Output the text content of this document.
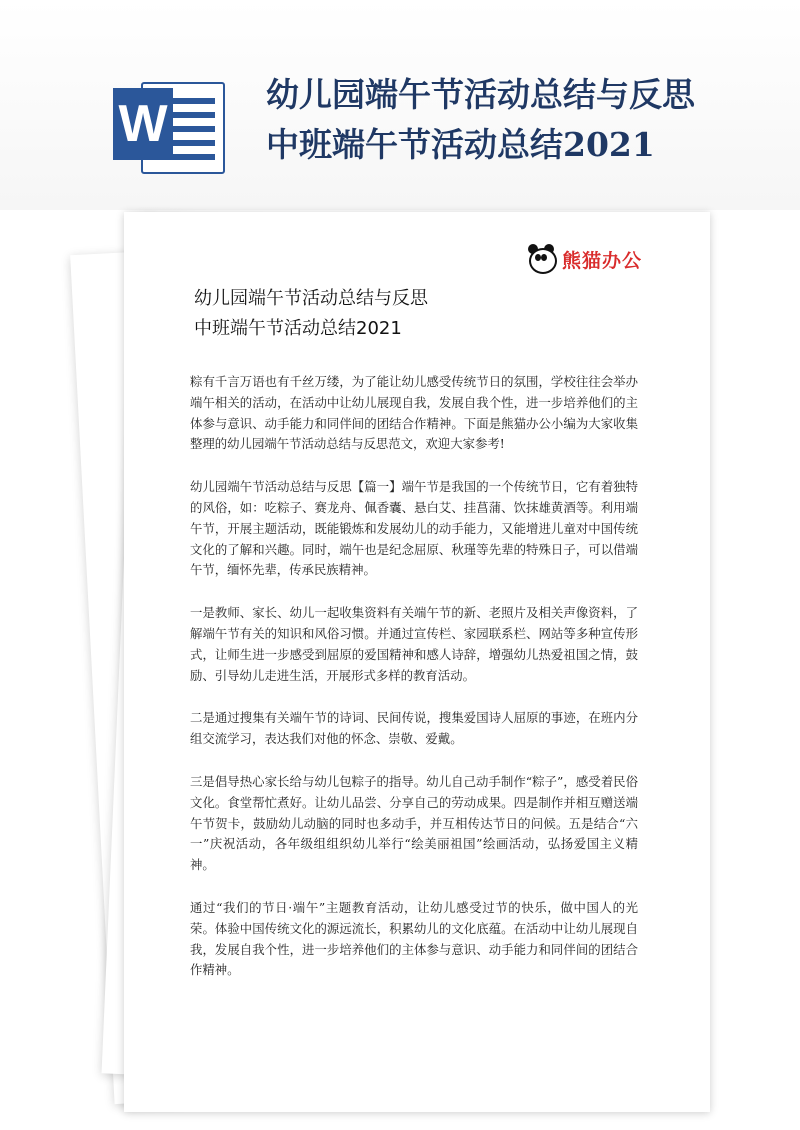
W
幼儿园端午节活动总结与反思
中班端午节活动总结2021
熊猫办公
幼儿园端午节活动总结与反思
中班端午节活动总结2021

粽有千言万语也有千丝万缕，为了能让幼儿感受传统节日的氛围，学校往往会举办端午相关的活动，在活动中让幼儿展现自我，发展自我个性，进一步培养他们的主体参与意识、动手能力和同伴间的团结合作精神。下面是熊猫办公小编为大家收集整理的幼儿园端午节活动总结与反思范文，欢迎大家参考!

幼儿园端午节活动总结与反思【篇一】端午节是我国的一个传统节日，它有着独特的风俗，如：吃粽子、赛龙舟、佩香囊、悬白艾、挂菖蒲、饮抹雄黄酒等。利用端午节，开展主题活动，既能锻炼和发展幼儿的动手能力，又能增进儿童对中国传统文化的了解和兴趣。同时，端午也是纪念屈原、秋瑾等先辈的特殊日子，可以借端午节，缅怀先辈，传承民族精神。

一是教师、家长、幼儿一起收集资料有关端午节的新、老照片及相关声像资料，了解端午节有关的知识和风俗习惯。并通过宣传栏、家园联系栏、网站等多种宣传形式，让师生进一步感受到屈原的爱国精神和感人诗辞，增强幼儿热爱祖国之情，鼓励、引导幼儿走进生活，开展形式多样的教育活动。

二是通过搜集有关端午节的诗词、民间传说，搜集爱国诗人屈原的事迹，在班内分组交流学习，表达我们对他的怀念、崇敬、爱戴。

三是倡导热心家长给与幼儿包粽子的指导。幼儿自己动手制作“粽子”，感受着民俗文化。食堂帮忙煮好。让幼儿品尝、分享自己的劳动成果。四是制作并相互赠送端午节贺卡，鼓励幼儿动脑的同时也多动手，并互相传达节日的问候。五是结合“六一”庆祝活动，各年级组组织幼儿举行“绘美丽祖国”绘画活动，弘扬爱国主义精神。

通过“我们的节日·端午”主题教育活动，让幼儿感受过节的快乐，做中国人的光荣。体验中国传统文化的源远流长，积累幼儿的文化底蕴。在活动中让幼儿展现自我，发展自我个性，进一步培养他们的主体参与意识、动手能力和同伴间的团结合作精神。
